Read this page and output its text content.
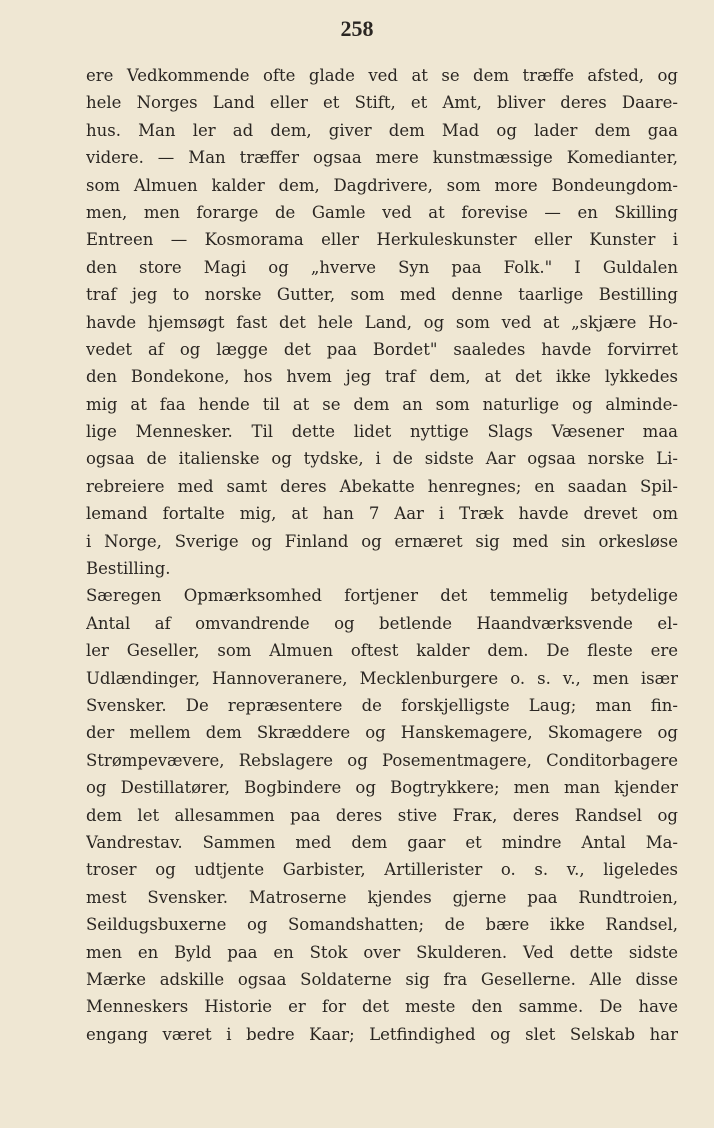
258
ere Vedkommende ofte glade ved at se dem træffe afsted, og
hele Norges Land eller et Stift, et Amt, bliver deres Daare-
hus. Man ler ad dem, giver dem Mad og lader dem gaa
videre. — Man træffer ogsaa mere kunstmæssige Komedianter,
som Almuen kalder dem, Dagdrivere, som more Bondeungdom-
men, men forarge de Gamle ved at forevise — en Skilling
Entreen — Kosmorama eller Herkuleskunster eller Kunster i
den store Magi og „hverve Syn paa Folk." I Guldalen
traf jeg to norske Gutter, som med denne taarlige Bestilling
havde hjemsøgt fast det hele Land, og som ved at „skjære Ho-
vedet af og lægge det paa Bordet" saaledes havde forvirret
den Bondekone, hos hvem jeg traf dem, at det ikke lykkedes
mig at faa hende til at se dem an som naturlige og alminde-
lige Mennesker. Til dette lidet nyttige Slags Væsener maa
ogsaa de italienske og tydske, i de sidste Aar ogsaa norske Li-
rebreiere med samt deres Abekatte henregnes; en saadan Spil-
lemand fortalte mig, at han 7 Aar i Træk havde drevet om
i Norge, Sverige og Finland og ernæret sig med sin orkesløse
Bestilling.
Særegen Opmærksomhed fortjener det temmelig betydelige
Antal af omvandrende og betlende Haandværksvende el-
ler Geseller, som Almuen oftest kalder dem. De fleste ere
Udlændinger, Hannoveranere, Mecklenburgere o. s. v., men især
Svensker. De repræsentere de forskjelligste Laug; man fin-
der mellem dem Skræddere og Hanskemagere, Skomagere og
Strømpevævere, Rebslagere og Posementmagere, Conditorbagere
og Destillatører, Bogbindere og Bogtrykkere; men man kjender
dem let allesammen paa deres stive Fraк, deres Randsel og
Vandrestav. Sammen med dem gaar et mindre Antal Ma-
troser og udtjente Garbister, Artillerister o. s. v., ligeledes
mest Svensker. Matroserne kjendes gjerne paa Rundtroien,
Seildugsbuxerne og Somandshatten; de bære ikke Randsel,
men en Byld paa en Stok over Skulderen. Ved dette sidste
Mærke adskille ogsaa Soldaterne sig fra Gesellerne. Alle disse
Menneskers Historie er for det meste den samme. De have
engang været i bedre Kaar; Letfindighed og slet Selskab har
